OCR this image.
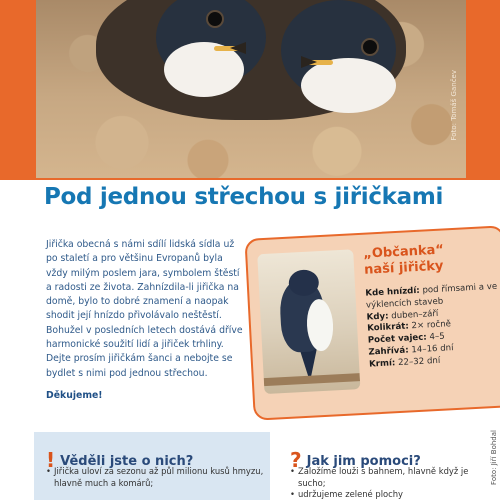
Foto: Tomáš Gančev
Pod jednou střechou s jiřičkami

Jiřička obecná s námi sdílí lidská sídla už po staletí a pro většinu Evropanů byla vždy milým poslem jara, symbolem štěstí a radosti ze života. Zahnízdila-li jiřička na domě, bylo to dobré znamení a naopak shodit její hnízdo přivolávalo neštěstí. Bohužel v posledních letech dostává dříve harmonické soužití lidí a jiřiček trhliny. Dejte prosím jiřičkám šanci a nebojte se bydlet s nimi pod jednou střechou.

Děkujeme!

„Občanka“
naší jiřičky

Kde hnízdí: pod římsami a ve výklencích staveb

Kdy: duben–září

Kolikrát: 2× ročně

Počet vajec: 4–5

Zahřívá: 14–16 dní

Krmí: 22–32 dní

Foto: Jiří Bohdal
! Věděli jste o nich?
• Jiřička uloví za sezonu až půl milionu kusů hmyzu, hlavně much a komárů;
? Jak jim pomoci?
• Založíme louži s bahnem, hlavně když je sucho;
• udržujeme zelené plochy
